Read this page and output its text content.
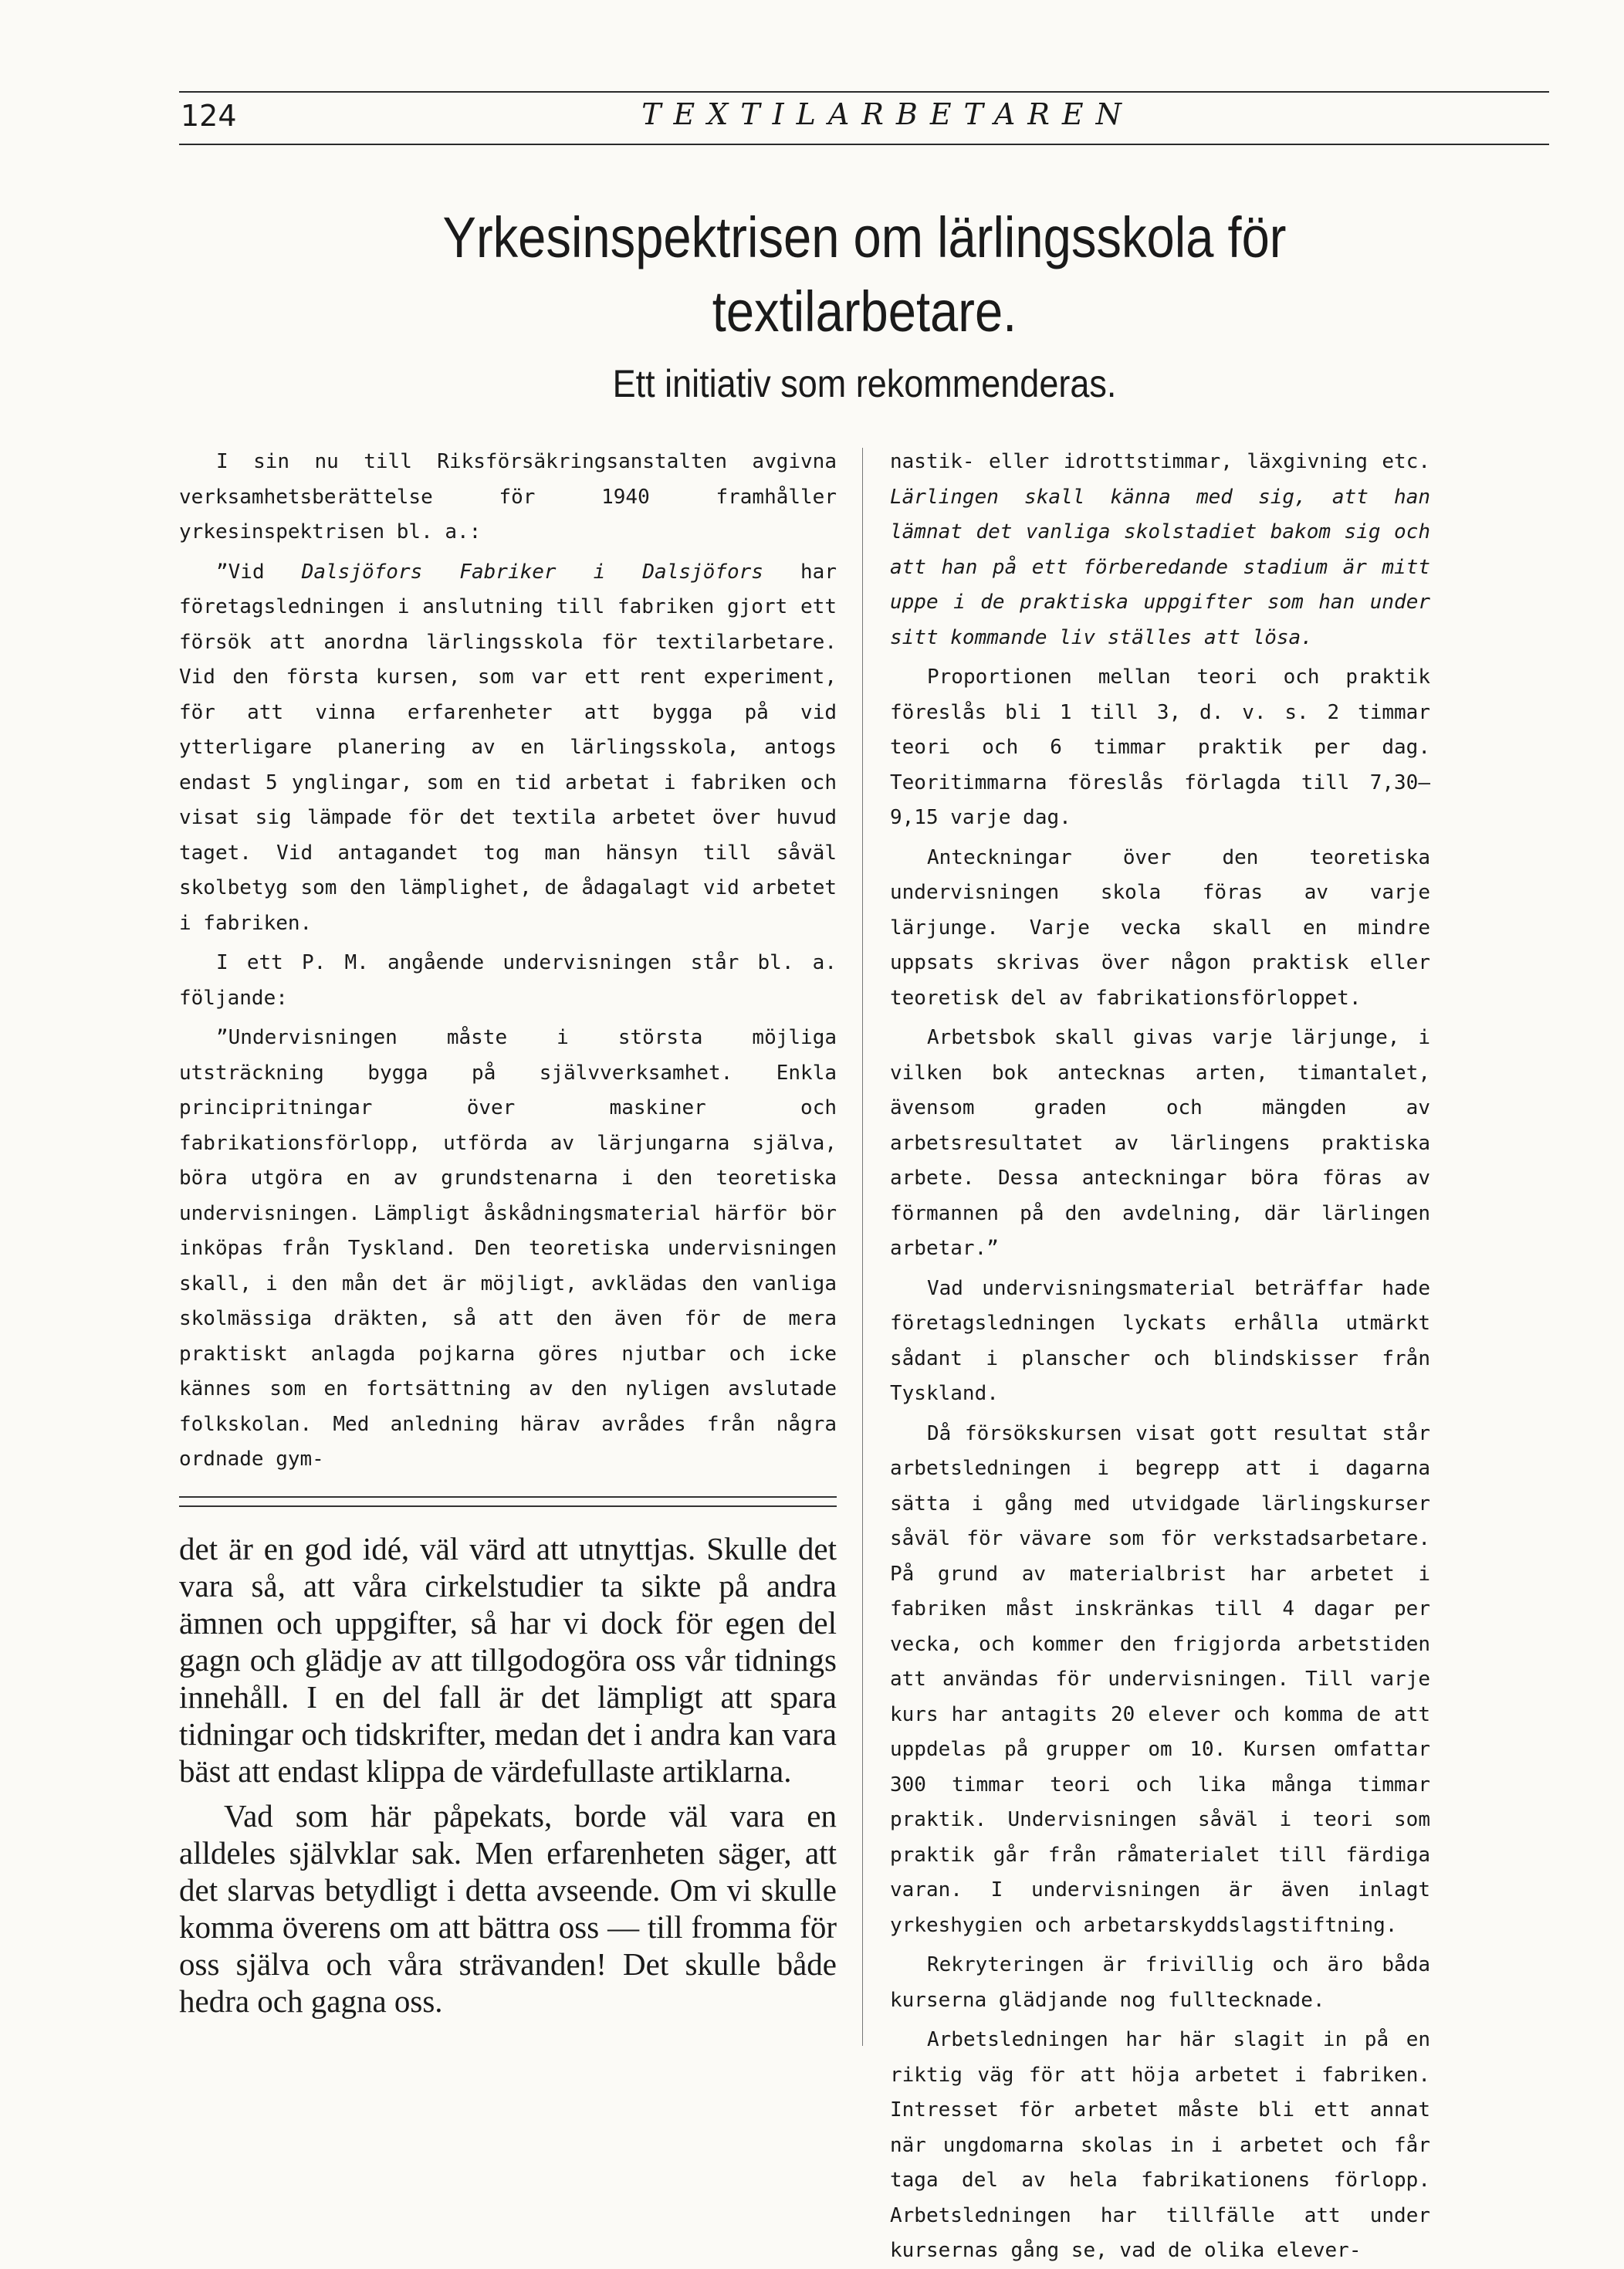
124	TEXTILARBETAREN
Yrkesinspektrisen om lärlingsskola för textilarbetare.
Ett initiativ som rekommenderas.

I sin nu till Riksförsäkringsanstalten avgivna verksamhetsberättelse för 1940 framhåller yrkesinspektrisen bl. a.:

”Vid Dalsjöfors Fabriker i Dalsjöfors har företagsledningen i anslutning till fabriken gjort ett försök att anordna lärlingsskola för textilarbetare. Vid den första kursen, som var ett rent experiment, för att vinna erfarenheter att bygga på vid ytterligare planering av en lärlingsskola, antogs endast 5 ynglingar, som en tid arbetat i fabriken och visat sig lämpade för det textila arbetet över huvud taget. Vid antagandet tog man hänsyn till såväl skolbetyg som den lämplighet, de ådagalagt vid arbetet i fabriken.

I ett P. M. angående undervisningen står bl. a. följande:

”Undervisningen måste i största möjliga utsträckning bygga på självverksamhet. Enkla principritningar över maskiner och fabrikationsförlopp, utförda av lärjungarna själva, böra utgöra en av grundstenarna i den teoretiska undervisningen. Lämpligt åskådningsmaterial härför bör inköpas från Tyskland. Den teoretiska undervisningen skall, i den mån det är möjligt, avklädas den vanliga skolmässiga dräkten, så att den även för de mera praktiskt anlagda pojkarna göres njutbar och icke kännes som en fortsättning av den nyligen avslutade folkskolan. Med anledning härav avrådes från några ordnade gym-

nastik- eller idrottstimmar, läxgivning etc. Lärlingen skall känna med sig, att han lämnat det vanliga skolstadiet bakom sig och att han på ett förberedande stadium är mitt uppe i de praktiska uppgifter som han under sitt kommande liv ställes att lösa.

Proportionen mellan teori och praktik föreslås bli 1 till 3, d. v. s. 2 timmar teori och 6 timmar praktik per dag. Teoritimmarna föreslås förlagda till 7,30—9,15 varje dag.

Anteckningar över den teoretiska undervisningen skola föras av varje lärjunge. Varje vecka skall en mindre uppsats skrivas över någon praktisk eller teoretisk del av fabrikationsförloppet.

Arbetsbok skall givas varje lärjunge, i vilken bok antecknas arten, timantalet, ävensom graden och mängden av arbetsresultatet av lärlingens praktiska arbete. Dessa anteckningar böra föras av förmannen på den avdelning, där lärlingen arbetar.”

Vad undervisningsmaterial beträffar hade företagsledningen lyckats erhålla utmärkt sådant i planscher och blindskisser från Tyskland.

Då försökskursen visat gott resultat står arbetsledningen i begrepp att i dagarna sätta i gång med utvidgade lärlingskurser såväl för vävare som för verkstadsarbetare. På grund av materialbrist har arbetet i fabriken måst inskränkas till 4 dagar per vecka, och kommer den frigjorda arbetstiden att användas för undervisningen. Till varje kurs har antagits 20 elever och komma de att uppdelas på grupper om 10. Kursen omfattar 300 timmar teori och lika många timmar praktik. Undervisningen såväl i teori som praktik går från råmaterialet till färdiga varan. I undervisningen är även inlagt yrkeshygien och arbetarskyddslagstiftning.

Rekryteringen är frivillig och äro båda kurserna glädjande nog fulltecknade.

Arbetsledningen har här slagit in på en riktig väg för att höja arbetet i fabriken. Intresset för arbetet måste bli ett annat när ungdomarna skolas in i arbetet och får taga del av hela fabrikationens förlopp. Arbetsledningen har tillfälle att under kursernas gång se, vad de olika elever-

det är en god idé, väl värd att utnyttjas. Skulle det vara så, att våra cirkelstudier ta sikte på andra ämnen och uppgifter, så har vi dock för egen del gagn och glädje av att tillgodogöra oss vår tidnings innehåll. I en del fall är det lämpligt att spara tidningar och tidskrifter, medan det i andra kan vara bäst att endast klippa de värdefullaste artiklarna.

Vad som här påpekats, borde väl vara en alldeles självklar sak. Men erfarenheten säger, att det slarvas betydligt i detta avseende. Om vi skulle komma överens om att bättra oss — till fromma för oss själva och våra strävanden! Det skulle både hedra och gagna oss.
